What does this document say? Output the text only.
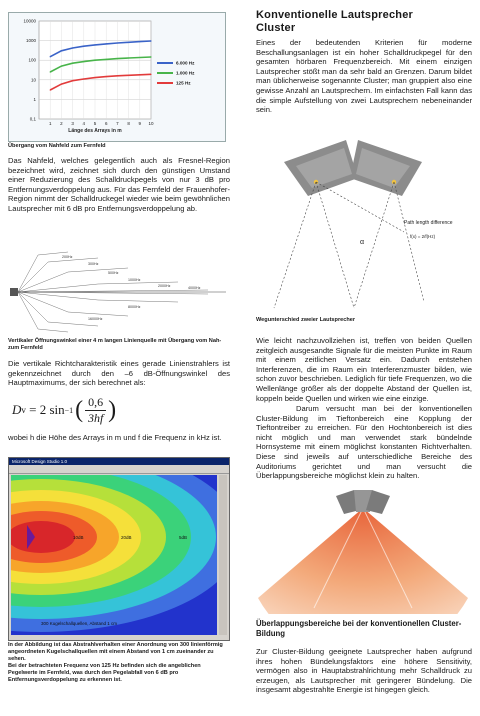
0,1
1
10
100
1000
10000
1 2 3 4 5 6 7 8 9 10
Länge des Arrays in m
6.000 Hz
1.000 Hz
125 Hz
Übergang vom Nahfeld zum Fernfeld
Das Nahfeld, welches gelegentlich auch als Fresnel-Region bezeichnet wird, zeichnet sich durch den günstigen Umstand einer Reduzierung des Schalldruckpegels von nur 3 dB pro Entfernungsverdoppelung aus. Für das Fernfeld der Frauenhofer-Region nimmt der Schalldruckegel wieder wie beim gewöhnlichen Lautsprecher mit 6 dB pro Entfernungsverdoppelung ab.
200Hz
300Hz
500Hz
1000Hz
2000Hz	4000Hz
8000Hz
16000Hz
Vertikaler Öffnungswinkel einer 4 m langen Linienquelle mit Übergang vom Nah- zum Fernfeld
Die vertikale Richtcharakteristik eines gerade Linienstrahlers ist gekennzeichnet durch den –6 dB-Öffnungswinkel des Hauptmaximums, der sich berechnet als:
D v = 2 sin −1 ( $\frac{0,6}{3hf}$ )
wobei h die Höhe des Arrays in m und f die Frequenz in kHz ist.
Microsoft Design Studio 1.0
10dB	20dB	5dB
300 Kugelschallquellen, Abstand 1 cm
In der Abbildung ist das Abstrahlverhalten einer Anordnung von 300 linienförmig angeordneten Kugelschallquellen mit einem Abstand von 1 cm zueinander zu sehen.
Bei der betrachteten Frequenz von 125 Hz befinden sich die angeblichen Pegelwerte im Fernfeld, was durch den Pegelabfall von 6 dB pro Entfernungsverdoppelung zu erkennen ist.
Konventionelle Lautsprecher Cluster
Eines der bedeutenden Kriterien für moderne Beschallungsanlagen ist ein hoher Schalldruckpegel für den gesamten hörbaren Frequenzbereich. Mit einem einzigen Lautsprecher stößt man da sehr bald an Grenzen. Darum bildet man üblicherweise sogenannte Cluster; man gruppiert also eine gewisse Anzahl an Lautsprechern. Im einfachsten Fall kann das die simple Aufstellung von zwei Lautsprechern nebeneinander sein.
α
Path length difference
f(x) = 2/f(Hz)
Wegunterschied zweier Lautsprecher
Wie leicht nachzuvollziehen ist, treffen von beiden Quellen zeitgleich ausgesandte Signale für die meisten Punkte im Raum mit einem zeitlichen Versatz ein. Dadurch entstehen Interferenzen, die im Raum ein Interferenzmuster bilden, wie schon zuvor beschrieben. Lediglich für tiefe Frequenzen, wo die Wellenlänge größer als der doppelte Abstand der Quellen ist, koppeln beide Quellen und wirken wie eine einzige.
Darum versucht man bei der konventionellen Cluster-Bildung im Tieftonbereich eine Kopplung der Tieftontreiber zu erreichen. Für den Hochtonbereich ist dies nicht möglich und man verwendet stark bündelnde Hornsysteme mit einem möglichst konstanten Richtverhalten. Diese sind jeweils auf unterschiedliche Bereiche des Auditoriums gerichtet und man versucht die Überlappungsbereiche möglichst klein zu halten.
Überlappungsbereiche bei der konventionellen Cluster-Bildung
Zur Cluster-Bildung geeignete Lautsprecher haben aufgrund ihres hohen Bündelungsfaktors eine höhere Sensitivity, vermögen also in Hauptabstrahlrichtung mehr Schalldruck zu erzeugen, als Lautsprecher mit geringerer Bündelung. Die insgesamt abgestrahlte Energie ist hingegen gleich.
